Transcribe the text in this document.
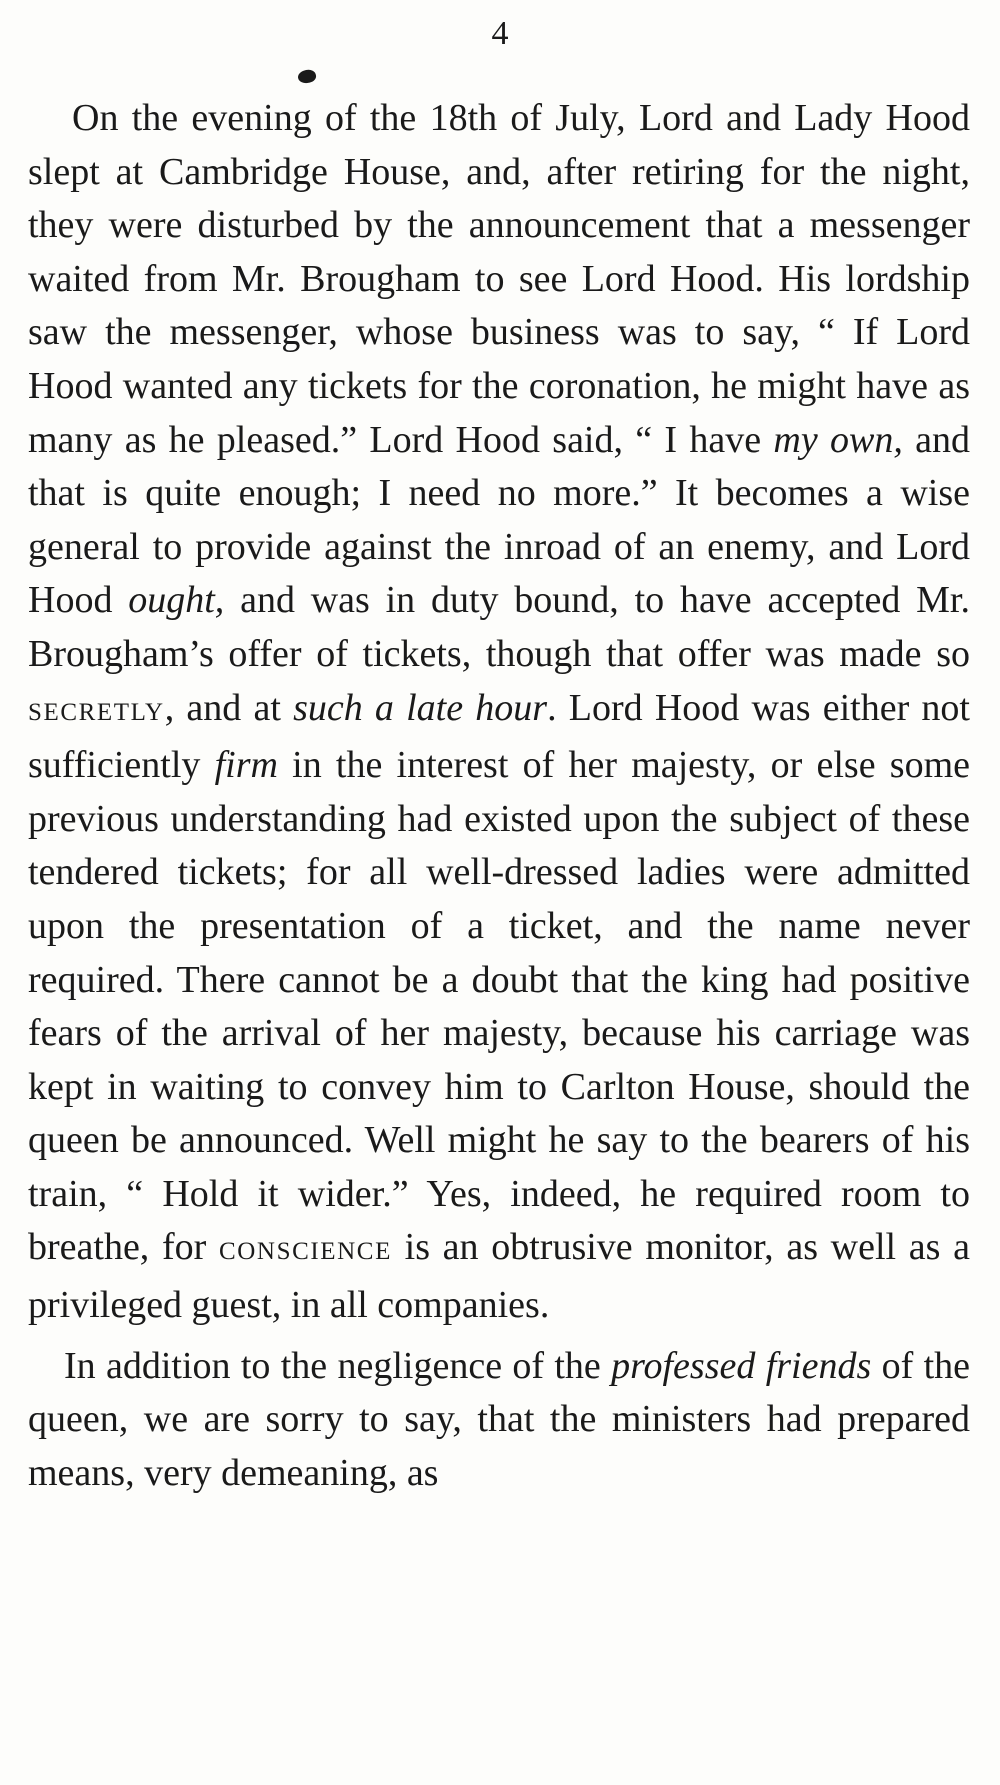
4

On the evening of the 18th of July, Lord and Lady Hood slept at Cambridge House, and, after retiring for the night, they were disturbed by the announcement that a messenger waited from Mr. Brougham to see Lord Hood. His lordship saw the messenger, whose business was to say, “ If Lord Hood wanted any tickets for the coronation, he might have as many as he pleased.” Lord Hood said, “ I have my own, and that is quite enough; I need no more.” It becomes a wise general to provide against the inroad of an enemy, and Lord Hood ought, and was in duty bound, to have accepted Mr. Brougham’s offer of tickets, though that offer was made so SECRETLY, and at such a late hour. Lord Hood was either not sufficiently firm in the interest of her majesty, or else some previous understanding had existed upon the subject of these tendered tickets; for all well-dressed ladies were admitted upon the presentation of a ticket, and the name never required. There cannot be a doubt that the king had positive fears of the arrival of her majesty, because his carriage was kept in waiting to convey him to Carlton House, should the queen be announced. Well might he say to the bearers of his train, “ Hold it wider.” Yes, indeed, he required room to breathe, for CONSCIENCE is an obtrusive monitor, as well as a privileged guest, in all companies.

In addition to the negligence of the professed friends of the queen, we are sorry to say, that the ministers had prepared means, very demeaning, as
